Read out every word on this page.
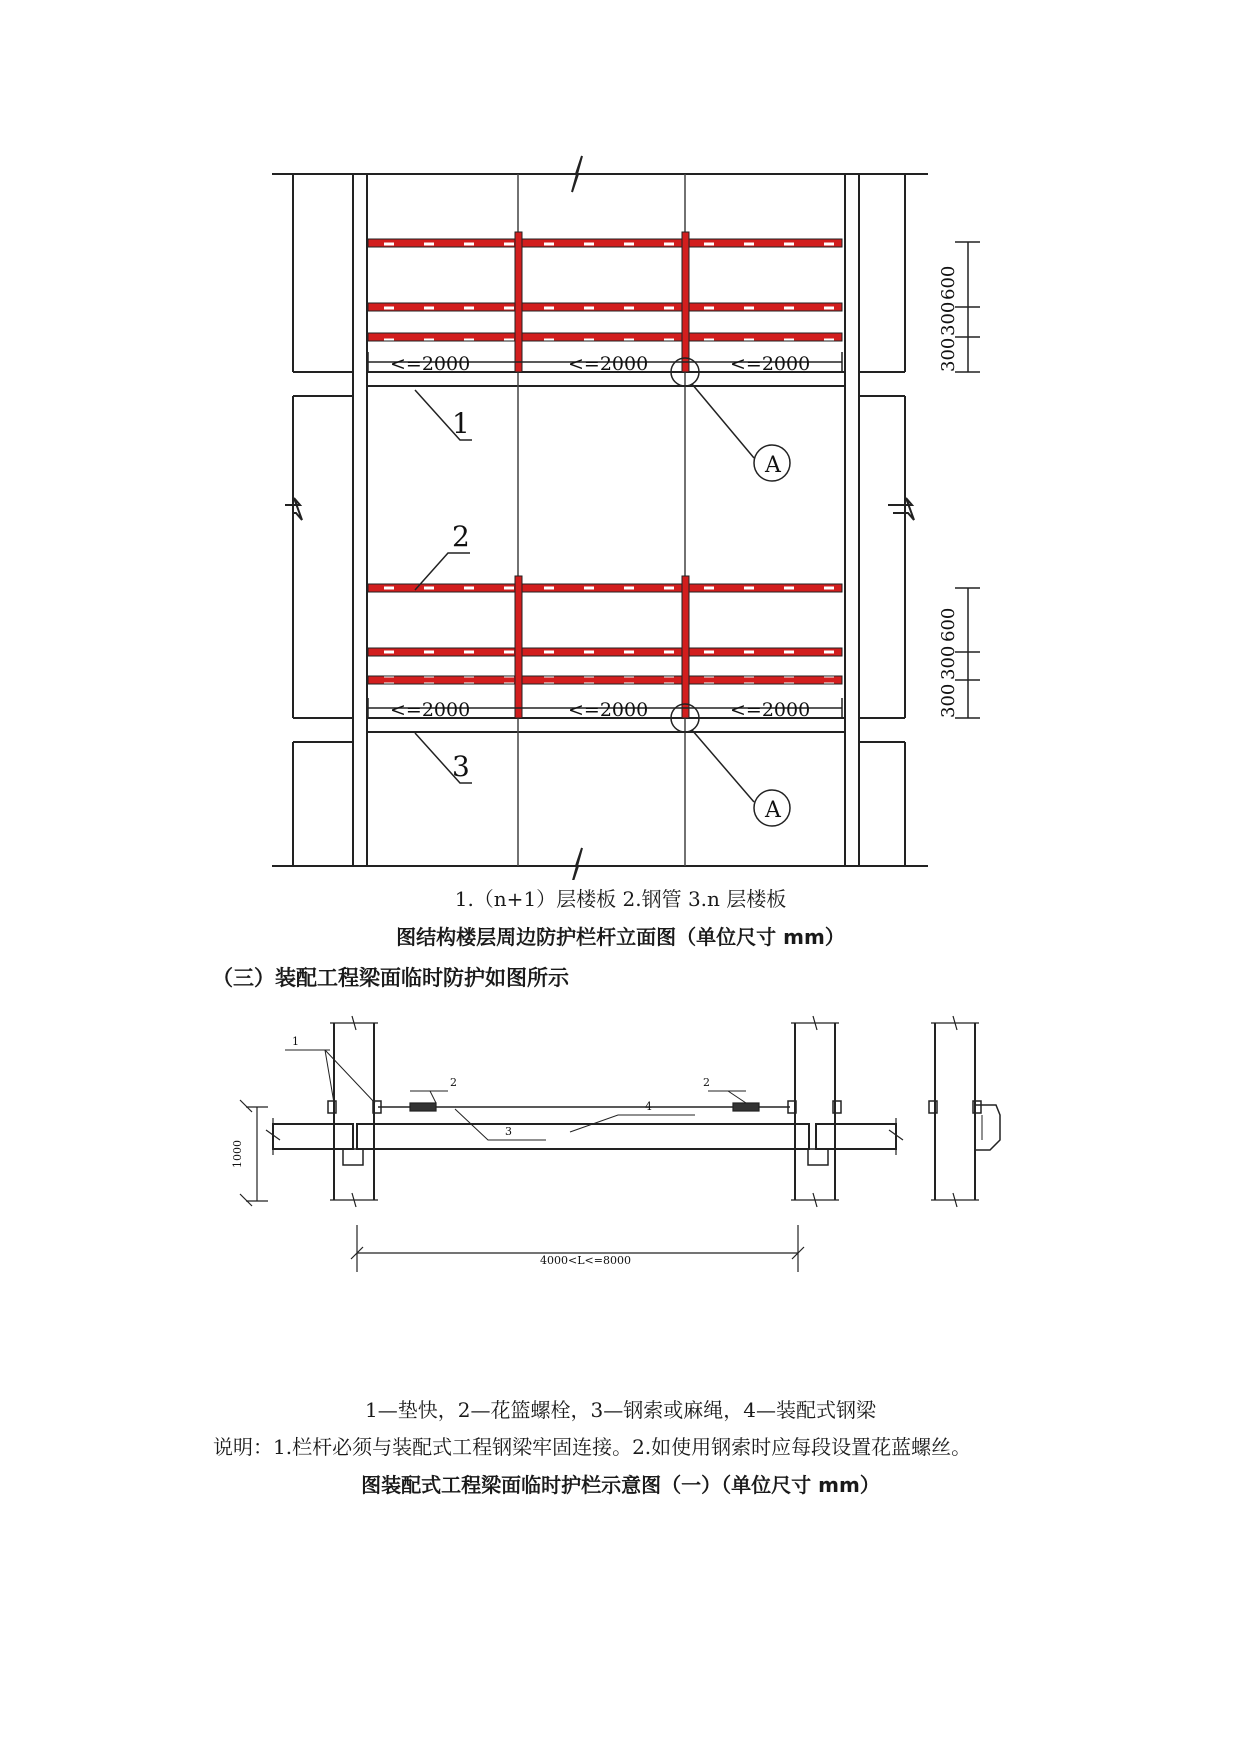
<=2000	<=2000	<=2000
<=2000	<=2000	<=2000
600
300
300
600
300
300
1
2
3
A
A
1.（n+1）层楼板 2.钢管 3.n 层楼板
图结构楼层周边防护栏杆立面图（单位尺寸 mm）
（三）装配工程梁面临时防护如图所示
1
2	2
3
4
1000
4000<L<=8000
1—垫快，2—花篮螺栓，3—钢索或麻绳，4—装配式钢梁
说明：1.栏杆必须与装配式工程钢梁牢固连接。2.如使用钢索时应每段设置花蓝螺丝。
图装配式工程梁面临时护栏示意图（一）（单位尺寸 mm）
